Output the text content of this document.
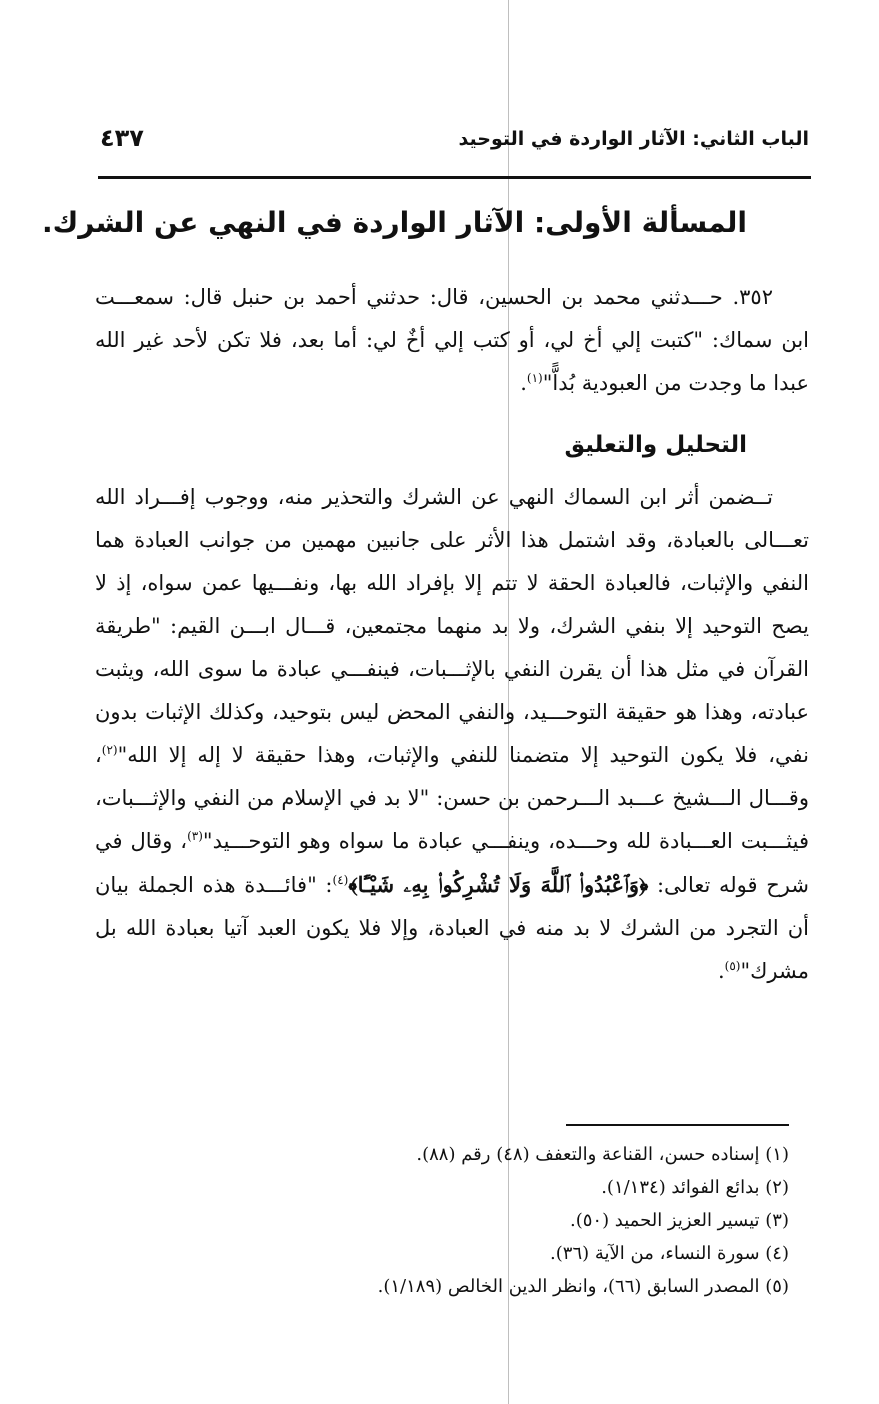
الباب الثاني: الآثار الواردة في التوحيد
٤٣٧
المسألة الأولى: الآثار الواردة في النهي عن الشرك.

٣٥٢. حـــدثني محمد بن الحسين، قال: حدثني أحمد بن حنبل قال: سمعـــت ابن سماك: "كتبت إلي أخ لي، أو كتب إلي أخٌ لي: أما بعد، فلا تكن لأحد غير الله عبدا ما وجدت من العبودية بُداًّ"$^{(١)}$.

التحليل والتعليق

تــضمن أثر ابن السماك النهي عن الشرك والتحذير منه، ووجوب إفـــراد الله تعـــالى بالعبادة، وقد اشتمل هذا الأثر على جانبين مهمين من جوانب العبادة هما النفي والإثبات، فالعبادة الحقة لا تتم إلا بإفراد الله بها، ونفـــيها عمن سواه، إذ لا يصح التوحيد إلا بنفي الشرك، ولا بد منهما مجتمعين، قـــال ابـــن القيم: "طريقة القرآن في مثل هذا أن يقرن النفي بالإثـــبات، فينفـــي عبادة ما سوى الله، ويثبت عبادته، وهذا هو حقيقة التوحـــيد، والنفي المحض ليس بتوحيد، وكذلك الإثبات بدون نفي، فلا يكون التوحيد إلا متضمنا للنفي والإثبات، وهذا حقيقة لا إله إلا الله"$^{(٢)}$، وقـــال الـــشيخ عـــبد الـــرحمن بن حسن: "لا بد في الإسلام من النفي والإثـــبات، فيثـــبت العـــبادة لله وحـــده، وينفـــي عبادة ما سواه وهو التوحـــيد"$^{(٣)}$، وقال في شرح قوله تعالى: ﴿وَٱعْبُدُوا۟ ٱللَّهَ وَلَا تُشْرِكُوا۟ بِهِۦ شَيْـًٔا﴾$^{(٤)}$: "فائـــدة هذه الجملة بيان أن التجرد من الشرك لا بد منه في العبادة، وإلا فلا يكون العبد آتيا بعبادة الله بل مشرك"$^{(٥)}$.

(١) إسناده حسن، القناعة والتعفف (٤٨) رقم (٨٨).
(٢) بدائع الفوائد (١/١٣٤).
(٣) تيسير العزيز الحميد (٥٠).
(٤) سورة النساء، من الآية (٣٦).
(٥) المصدر السابق (٦٦)، وانظر الدين الخالص (١/١٨٩).
